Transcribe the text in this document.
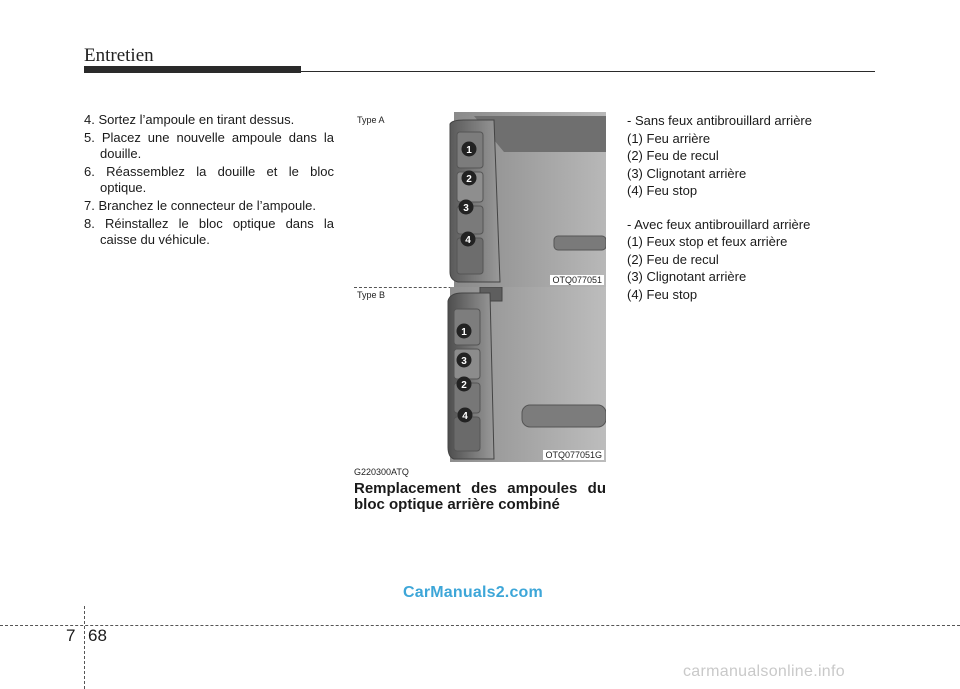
Entretien
4. Sortez l’ampoule en tirant dessus.
5. Placez une nouvelle ampoule dans la douille.
6. Réassemblez la douille et le bloc optique.
7. Branchez le connecteur de l’ampoule.
8. Réinstallez le bloc optique dans la caisse du véhicule.
1
2
3
4
Type A
OTQ077051
1
3
2
4
Type B
OTQ077051G
G220300ATQ
Remplacement des ampoules du bloc optique arrière combiné
- Sans feux antibrouillard arrière
(1) Feu arrière
(2) Feu de recul
(3) Clignotant arrière
(4) Feu stop
- Avec feux antibrouillard arrière
(1) Feux stop et feux arrière
(2) Feu de recul
(3) Clignotant arrière
(4) Feu stop
CarManuals2.com
7 68
carmanualsonline.info
